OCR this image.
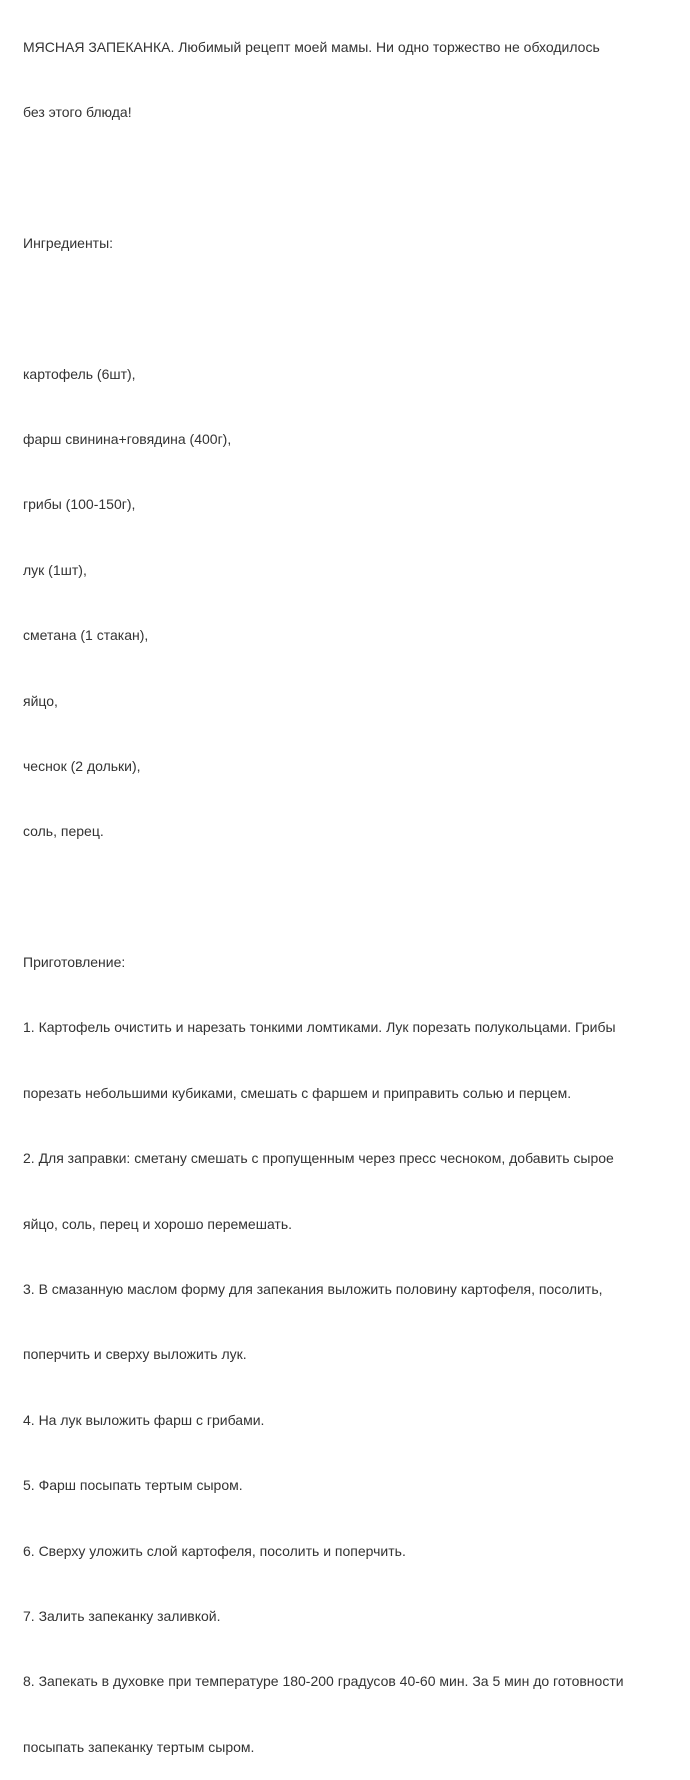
МЯСНАЯ ЗАПЕКАНКА. Любимый рецепт моей мамы. Ни одно торжество не обходилось

без этого блюда!

Ингредиенты:

картофель (6шт),

фарш свинина+говядина (400г),

грибы (100-150г),

лук (1шт),

сметана (1 стакан),

яйцо,

чеснок (2 дольки),

соль, перец.

Приготовление:

1. Картофель очистить и нарезать тонкими ломтиками. Лук порезать полукольцами. Грибы

порезать небольшими кубиками, смешать с фаршем и приправить солью и перцем.

2. Для заправки: сметану смешать с пропущенным через пресс чесноком, добавить сырое

яйцо, соль, перец и хорошо перемешать.

3. В смазанную маслом форму для запекания выложить половину картофеля, посолить,

поперчить и сверху выложить лук.

4. На лук выложить фарш с грибами.

5. Фарш посыпать тертым сыром.

6. Сверху уложить слой картофеля, посолить и поперчить.

7. Залить запеканку заливкой.

8. Запекать в духовке при температуре 180-200 градусов 40-60 мин. За 5 мин до готовности

посыпать запеканку тертым сыром.
